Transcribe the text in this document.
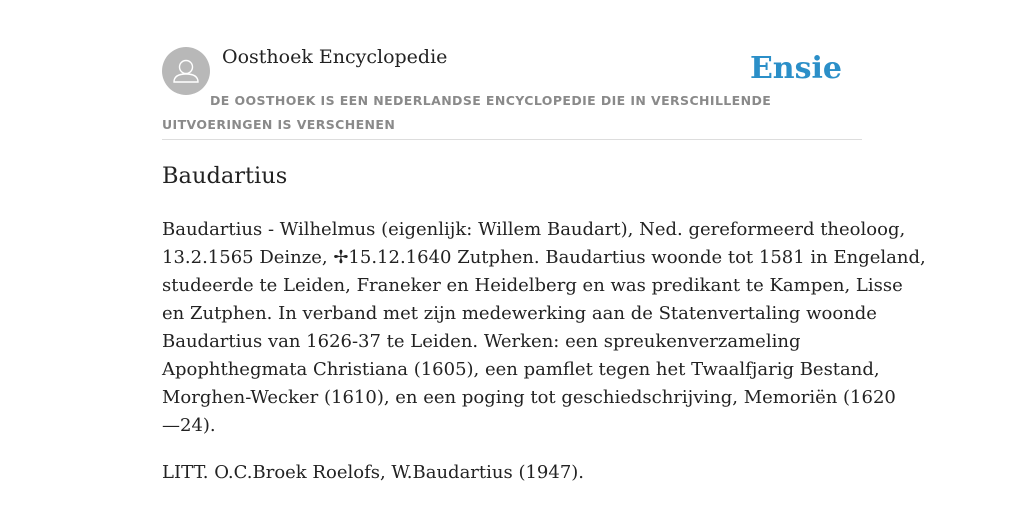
Oosthoek Encyclopedie	Ensie
DE OOSTHOEK IS EEN NEDERLANDSE ENCYCLOPEDIE DIE IN VERSCHILLENDE UITVOERINGEN IS VERSCHENEN
Baudartius

Baudartius - Wilhelmus (eigenlijk: Willem Baudart), Ned. gereformeerd theoloog,
13.2.1565 Deinze, ✢15.12.1640 Zutphen. Baudartius woonde tot 1581 in Engeland,
studeerde te Leiden, Franeker en Heidelberg en was predikant te Kampen, Lisse
en Zutphen. In verband met zijn medewerking aan de Statenvertaling woonde
Baudartius van 1626-37 te Leiden. Werken: een spreukenverzameling
Apophthegmata Christiana (1605), een pamflet tegen het Twaalfjarig Bestand,
Morghen-Wecker (1610), en een poging tot geschiedschrijving, Memoriën (1620
—24).

LITT. O.C.Broek Roelofs, W.Baudartius (1947).
